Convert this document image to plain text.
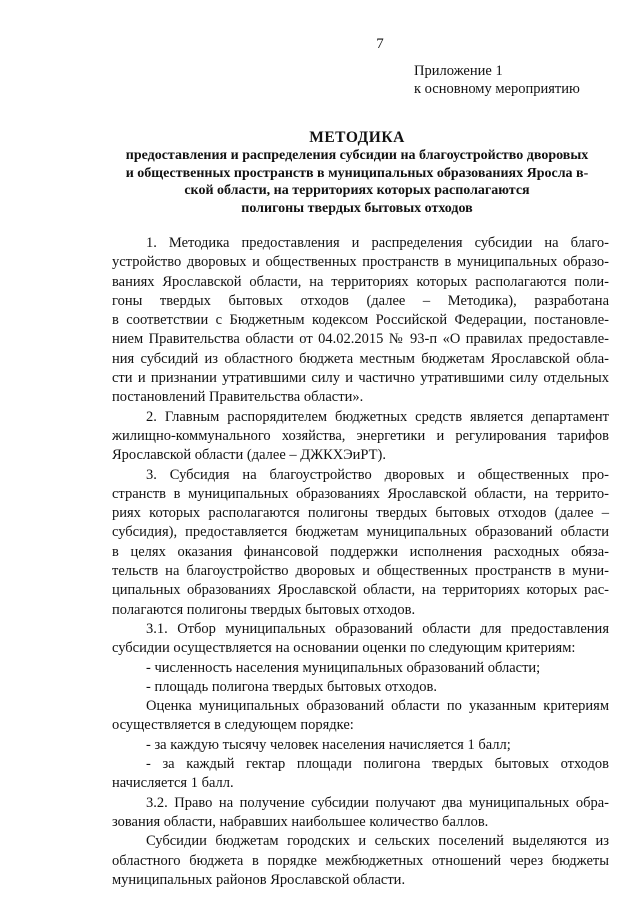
7
Приложение 1
к основному мероприятию
МЕТОДИКА
предоставления и распределения субсидии на благоустройство дворовых
и общественных пространств в муниципальных образованиях Яросла в-
ской области, на территориях которых располагаются
полигоны твердых бытовых отходов
1. Методика предоставления и распределения субсидии на благо-
устройство дворовых и общественных пространств в муниципальных образо-
ваниях Ярославской области, на территориях которых располагаются поли-
гоны твердых бытовых отходов (далее – Методика), разработана
в соответствии с Бюджетным кодексом Российской Федерации, постановле-
нием Правительства области от 04.02.2015 № 93-п «О правилах предоставле-
ния субсидий из областного бюджета местным бюджетам Ярославской обла-
сти и признании утратившими силу и частично утратившими силу отдельных
постановлений Правительства области».
2. Главным распорядителем бюджетных средств является департамент
жилищно-коммунального хозяйства, энергетики и регулирования тарифов
Ярославской области (далее – ДЖКХЭиРТ).
3. Субсидия на благоустройство дворовых и общественных про-
странств в муниципальных образованиях Ярославской области, на террито-
риях которых располагаются полигоны твердых бытовых отходов (далее –
субсидия), предоставляется бюджетам муниципальных образований области
в целях оказания финансовой поддержки исполнения расходных обяза-
тельств на благоустройство дворовых и общественных пространств в муни-
ципальных образованиях Ярославской области, на территориях которых рас-
полагаются полигоны твердых бытовых отходов.
3.1. Отбор муниципальных образований области для предоставления
субсидии осуществляется на основании оценки по следующим критериям:
- численность населения муниципальных образований области;
- площадь полигона твердых бытовых отходов.
Оценка муниципальных образований области по указанным критериям
осуществляется в следующем порядке:
- за каждую тысячу человек населения начисляется 1 балл;
- за каждый гектар площади полигона твердых бытовых отходов
начисляется 1 балл.
3.2. Право на получение субсидии получают два муниципальных обра-
зования области, набравших наибольшее количество баллов.
Субсидии бюджетам городских и сельских поселений выделяются из
областного бюджета в порядке межбюджетных отношений через бюджеты
муниципальных районов Ярославской области.
